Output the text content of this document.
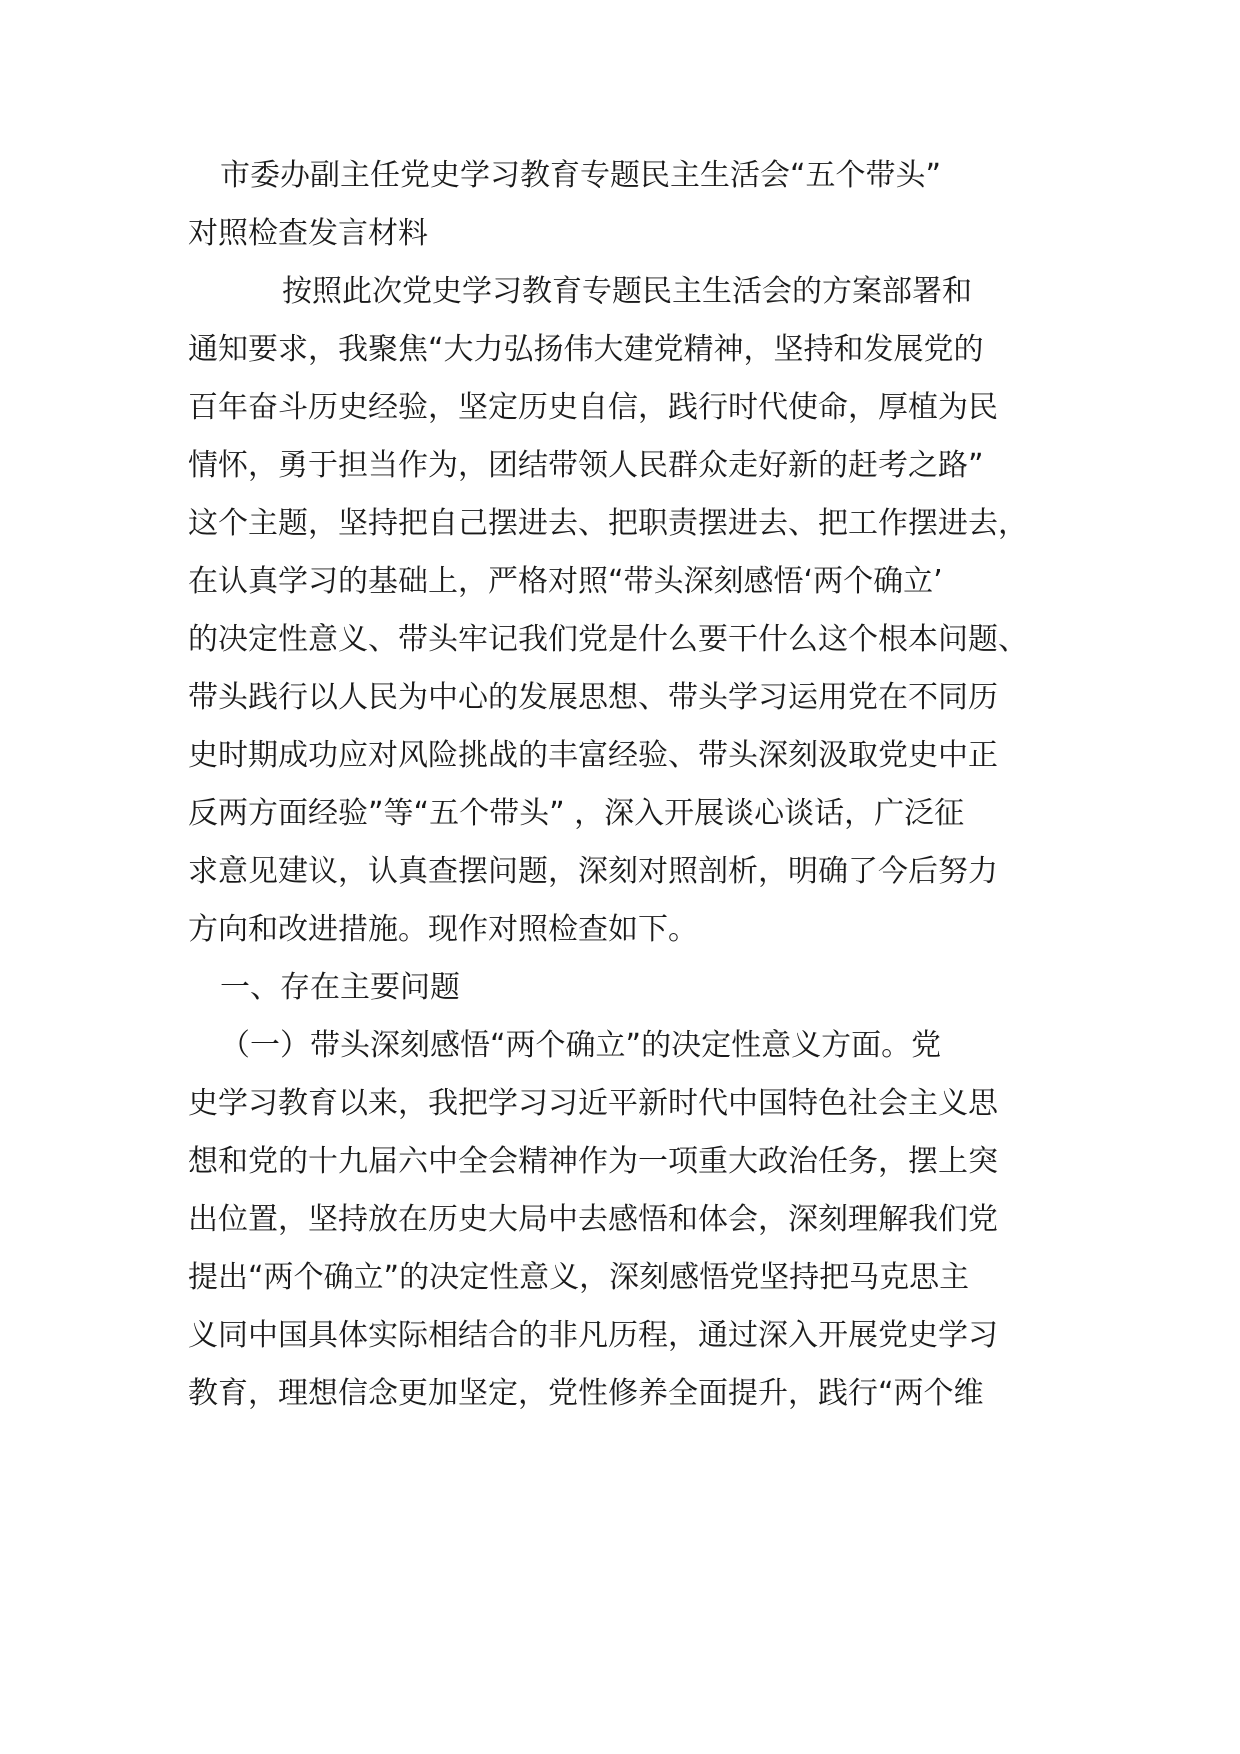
市委办副主任党史学习教育专题民主生活会“五个带头”
对照检查发言材料
按照此次党史学习教育专题民主生活会的方案部署和
通知要求，我聚焦“大力弘扬伟大建党精神，坚持和发展党的
百年奋斗历史经验，坚定历史自信，践行时代使命，厚植为民
情怀，勇于担当作为，团结带领人民群众走好新的赶考之路”
这个主题，坚持把自己摆进去、把职责摆进去、把工作摆进去，
在认真学习的基础上，严格对照“带头深刻感悟‘两个确立’
的决定性意义、带头牢记我们党是什么要干什么这个根本问题、
带头践行以人民为中心的发展思想、带头学习运用党在不同历
史时期成功应对风险挑战的丰富经验、带头深刻汲取党史中正
反两方面经验”等“五个带头” ，深入开展谈心谈话，广泛征
求意见建议，认真查摆问题，深刻对照剖析，明确了今后努力
方向和改进措施。现作对照检查如下。
一、存在主要问题
（一）带头深刻感悟“两个确立”的决定性意义方面。党
史学习教育以来，我把学习习近平新时代中国特色社会主义思
想和党的十九届六中全会精神作为一项重大政治任务，摆上突
出位置，坚持放在历史大局中去感悟和体会，深刻理解我们党
提出“两个确立”的决定性意义，深刻感悟党坚持把马克思主
义同中国具体实际相结合的非凡历程，通过深入开展党史学习
教育，理想信念更加坚定，党性修养全面提升，践行“两个维
